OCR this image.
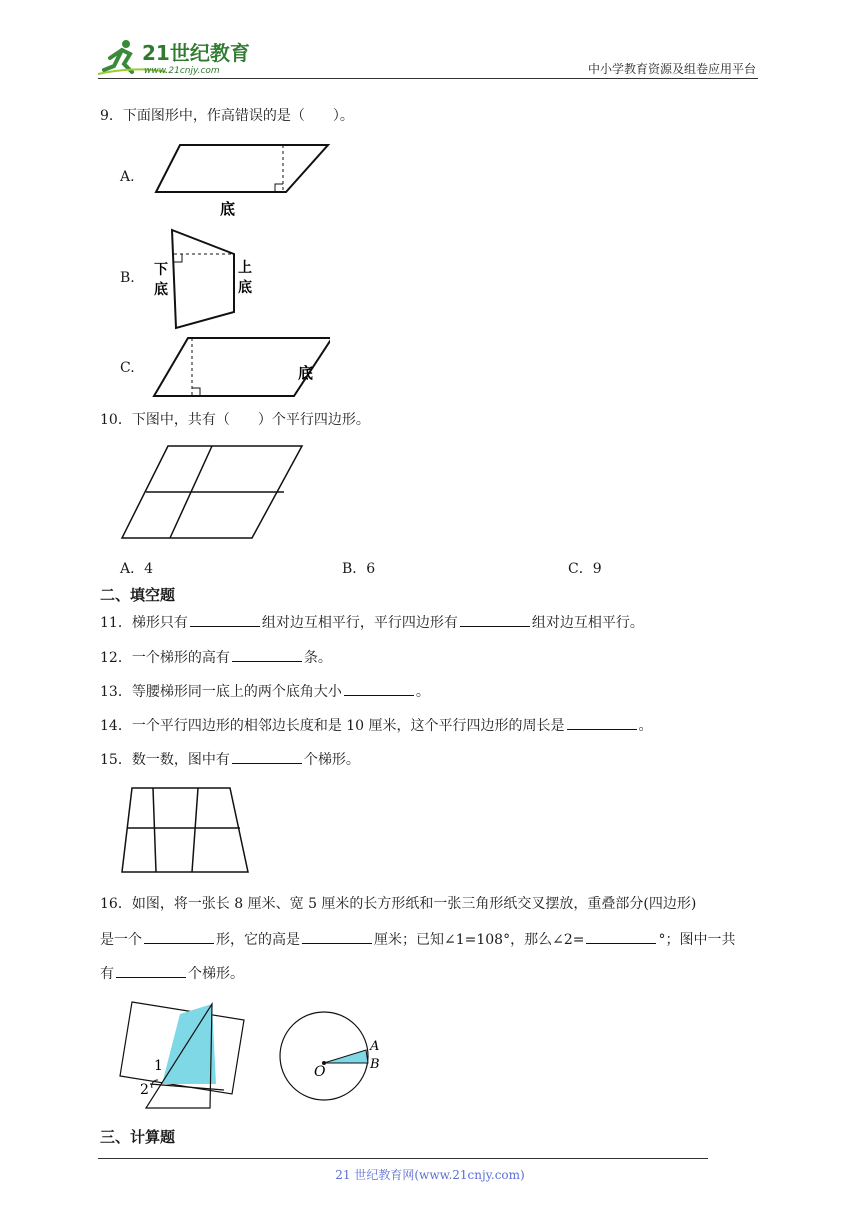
21世纪教育
www.21cnjy.com	中小学教育资源及组卷应用平台
9．下面图形中，作高错误的是（　　）。
A.
底
B. 下
底
上
底
C.	底
10．下图中，共有（　　）个平行四边形。
A．4	B．6	C．9
二、填空题
11．梯形只有	组对边互相平行，平行四边形有	组对边互相平行。
12．一个梯形的高有	条。
13．等腰梯形同一底上的两个底角大小	。
14．一个平行四边形的相邻边长度和是 10 厘米，这个平行四边形的周长是	。
15．数一数，图中有	个梯形。
16．如图，将一张长 8 厘米、宽 5 厘米的长方形纸和一张三角形纸交叉摆放，重叠部分(四边形)
是一个	形，它的高是	厘米；已知∠1=108°，那么∠2=	°；图中一共
有	个梯形。
1
2
O
A
B
三、计算题
21 世纪教育网(www.21cnjy.com)
